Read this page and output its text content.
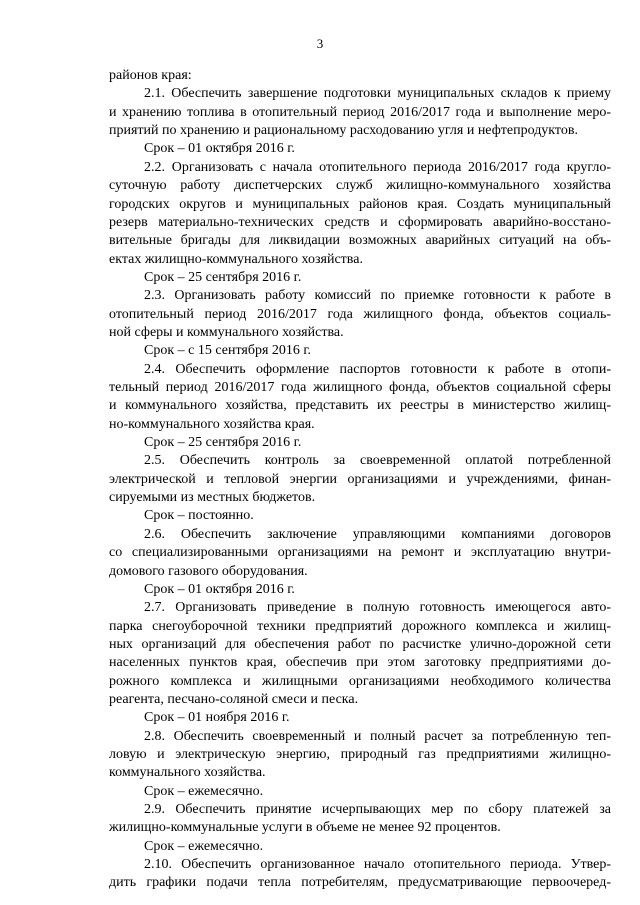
3
районов края:
2.1. Обеспечить завершение подготовки муниципальных складов к приему
и хранению топлива в отопительный период 2016/2017 года и выполнение меро-
приятий по хранению и рациональному расходованию угля и нефтепродуктов.
Срок – 01 октября 2016 г.
2.2. Организовать с начала отопительного периода 2016/2017 года кругло-
суточную работу диспетчерских служб жилищно-коммунального хозяйства
городских округов и муниципальных районов края. Создать муниципальный
резерв материально-технических средств и сформировать аварийно-восстано-
вительные бригады для ликвидации возможных аварийных ситуаций на объ-
ектах жилищно-коммунального хозяйства.
Срок – 25 сентября 2016 г.
2.3. Организовать работу комиссий по приемке готовности к работе в
отопительный период 2016/2017 года жилищного фонда, объектов социаль-
ной сферы и коммунального хозяйства.
Срок – с 15 сентября 2016 г.
2.4. Обеспечить оформление паспортов готовности к работе в отопи-
тельный период 2016/2017 года жилищного фонда, объектов социальной сферы
и коммунального хозяйства, представить их реестры в министерство жилищ-
но-коммунального хозяйства края.
Срок – 25 сентября 2016 г.
2.5. Обеспечить контроль за своевременной оплатой потребленной
электрической и тепловой энергии организациями и учреждениями, финан-
сируемыми из местных бюджетов.
Срок – постоянно.
2.6. Обеспечить заключение управляющими компаниями договоров
со специализированными организациями на ремонт и эксплуатацию внутри-
домового газового оборудования.
Срок – 01 октября 2016 г.
2.7. Организовать приведение в полную готовность имеющегося авто-
парка снегоуборочной техники предприятий дорожного комплекса и жилищ-
ных организаций для обеспечения работ по расчистке улично-дорожной сети
населенных пунктов края, обеспечив при этом заготовку предприятиями до-
рожного комплекса и жилищными организациями необходимого количества
реагента, песчано-соляной смеси и песка.
Срок – 01 ноября 2016 г.
2.8. Обеспечить своевременный и полный расчет за потребленную теп-
ловую и электрическую энергию, природный газ предприятиями жилищно-
коммунального хозяйства.
Срок – ежемесячно.
2.9. Обеспечить принятие исчерпывающих мер по сбору платежей за
жилищно-коммунальные услуги в объеме не менее 92 процентов.
Срок – ежемесячно.
2.10. Обеспечить организованное начало отопительного периода. Утвер-
дить графики подачи тепла потребителям, предусматривающие первоочеред-
